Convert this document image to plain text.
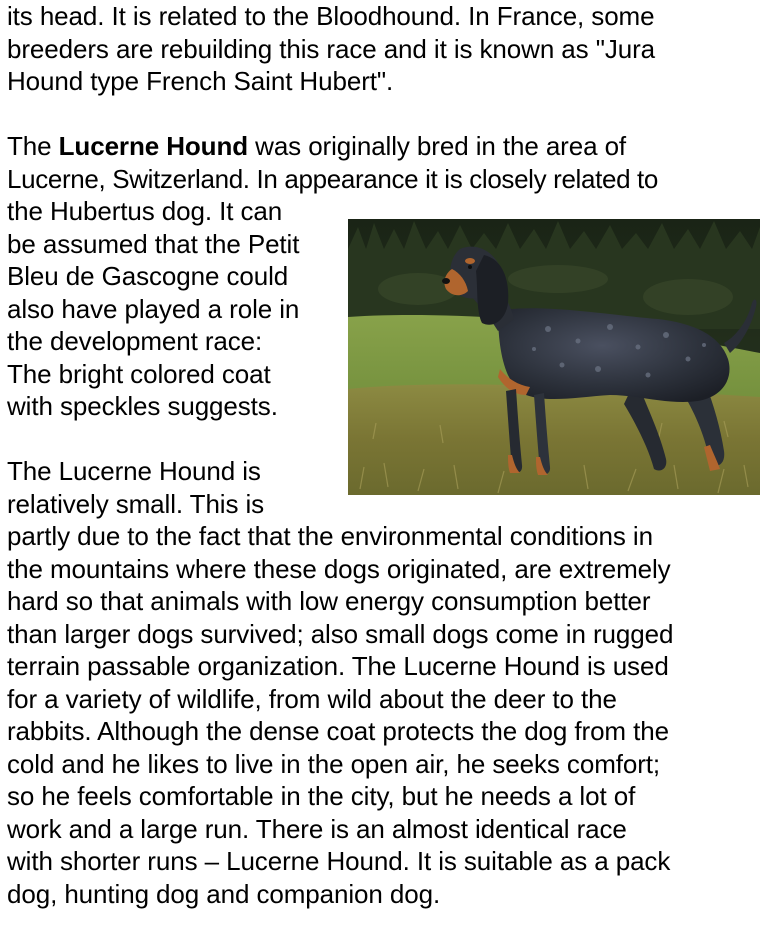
its head. It is related to the Bloodhound. In France, some
breeders are rebuilding this race and it is known as "Jura
Hound type French Saint Hubert".

The Lucerne Hound was originally bred in the area of
Lucerne, Switzerland. In appearance it is closely related to
the Hubertus dog. It can
be assumed that the Petit
Bleu de Gascogne could
also have played a role in
the development race:
The bright colored coat
with speckles suggests.

The Lucerne Hound is
relatively small. This is
partly due to the fact that the environmental conditions in
the mountains where these dogs originated, are extremely
hard so that animals with low energy consumption better
than larger dogs survived; also small dogs come in rugged
terrain passable organization. The Lucerne Hound is used
for a variety of wildlife, from wild about the deer to the
rabbits. Although the dense coat protects the dog from the
cold and he likes to live in the open air, he seeks comfort;
so he feels comfortable in the city, but he needs a lot of
work and a large run. There is an almost identical race
with shorter runs – Lucerne Hound. It is suitable as a pack
dog, hunting dog and companion dog.
